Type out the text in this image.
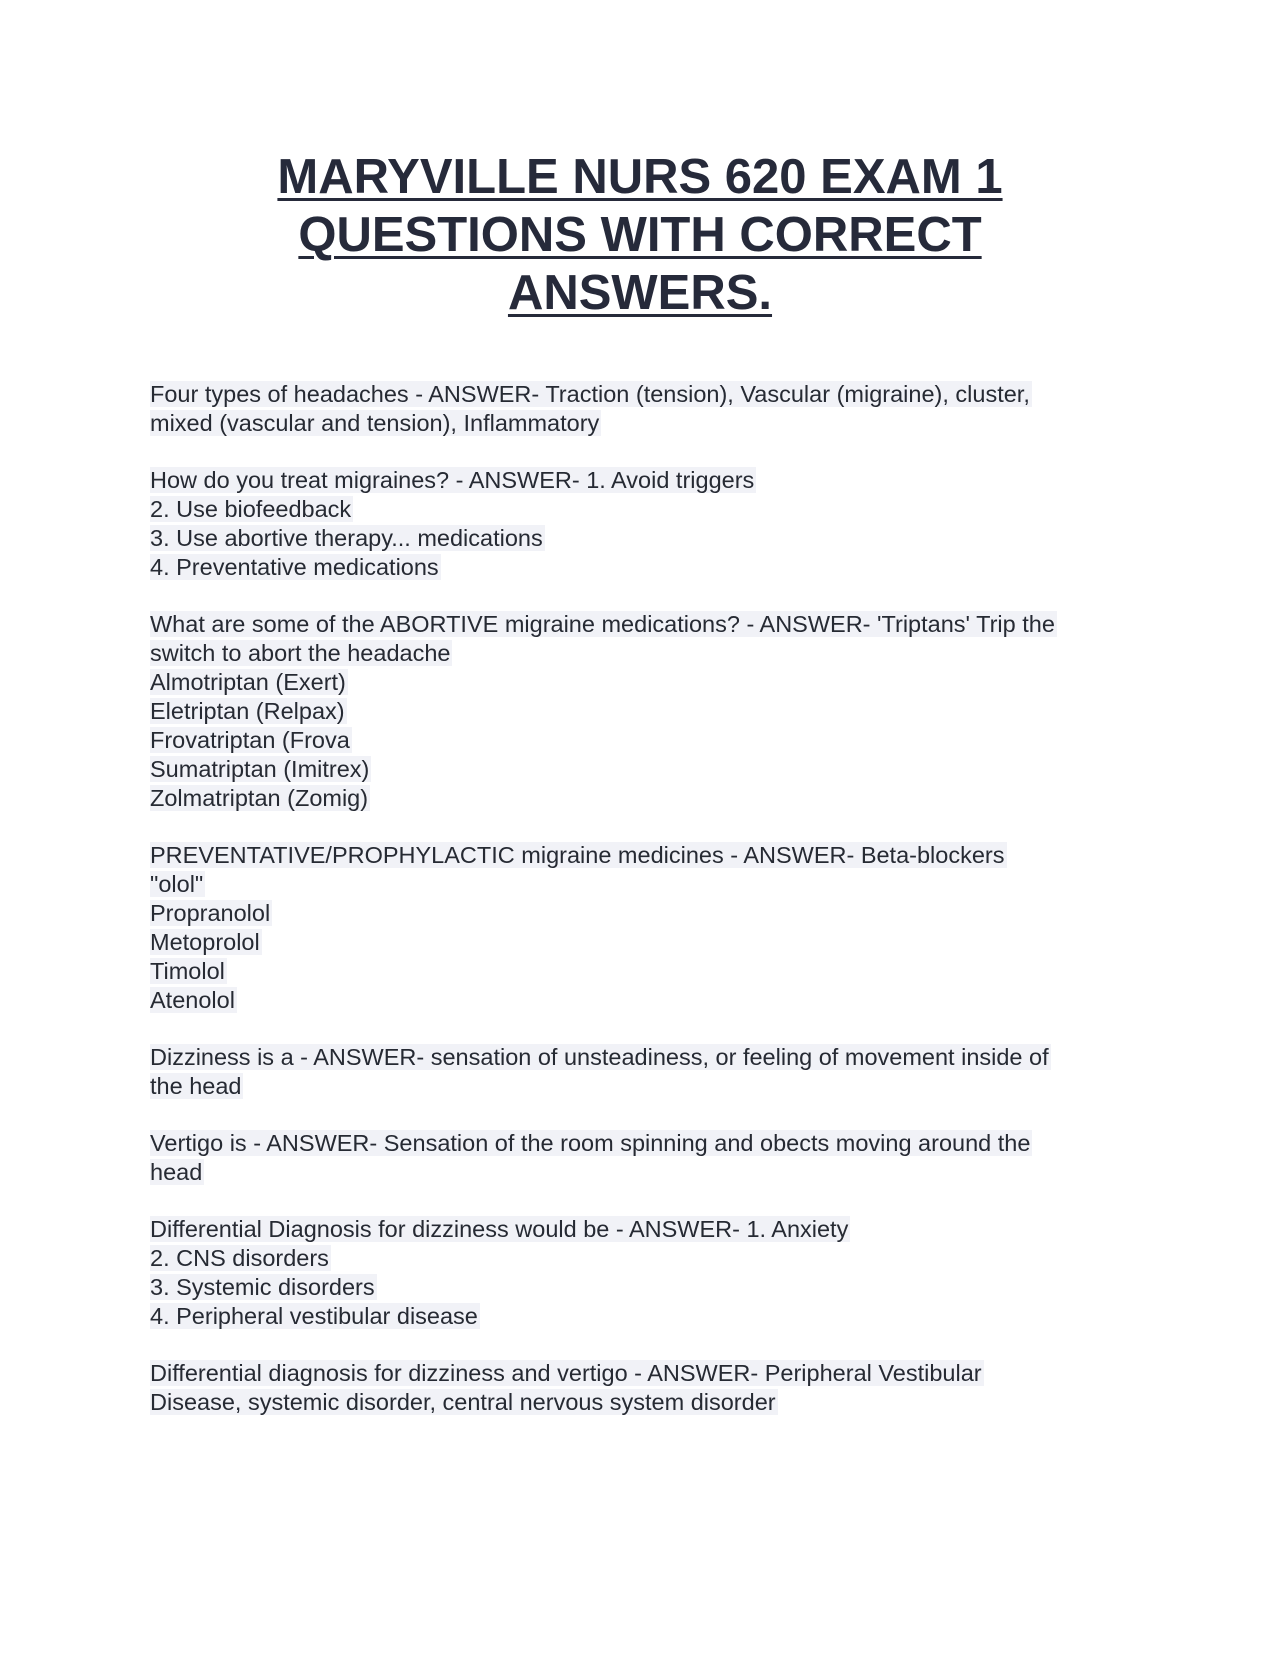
MARYVILLE NURS 620 EXAM 1
QUESTIONS WITH CORRECT
ANSWERS.
Four types of headaches - ANSWER- Traction (tension), Vascular (migraine), cluster,
mixed (vascular and tension), Inflammatory
How do you treat migraines? - ANSWER- 1. Avoid triggers
2. Use biofeedback
3. Use abortive therapy... medications
4. Preventative medications
What are some of the ABORTIVE migraine medications? - ANSWER- 'Triptans' Trip the
switch to abort the headache
Almotriptan (Exert)
Eletriptan (Relpax)
Frovatriptan (Frova
Sumatriptan (Imitrex)
Zolmatriptan (Zomig)
PREVENTATIVE/PROPHYLACTIC migraine medicines - ANSWER- Beta-blockers
"olol"
Propranolol
Metoprolol
Timolol
Atenolol
Dizziness is a - ANSWER- sensation of unsteadiness, or feeling of movement inside of
the head
Vertigo is - ANSWER- Sensation of the room spinning and obects moving around the
head
Differential Diagnosis for dizziness would be - ANSWER- 1. Anxiety
2. CNS disorders
3. Systemic disorders
4. Peripheral vestibular disease
Differential diagnosis for dizziness and vertigo - ANSWER- Peripheral Vestibular
Disease, systemic disorder, central nervous system disorder
